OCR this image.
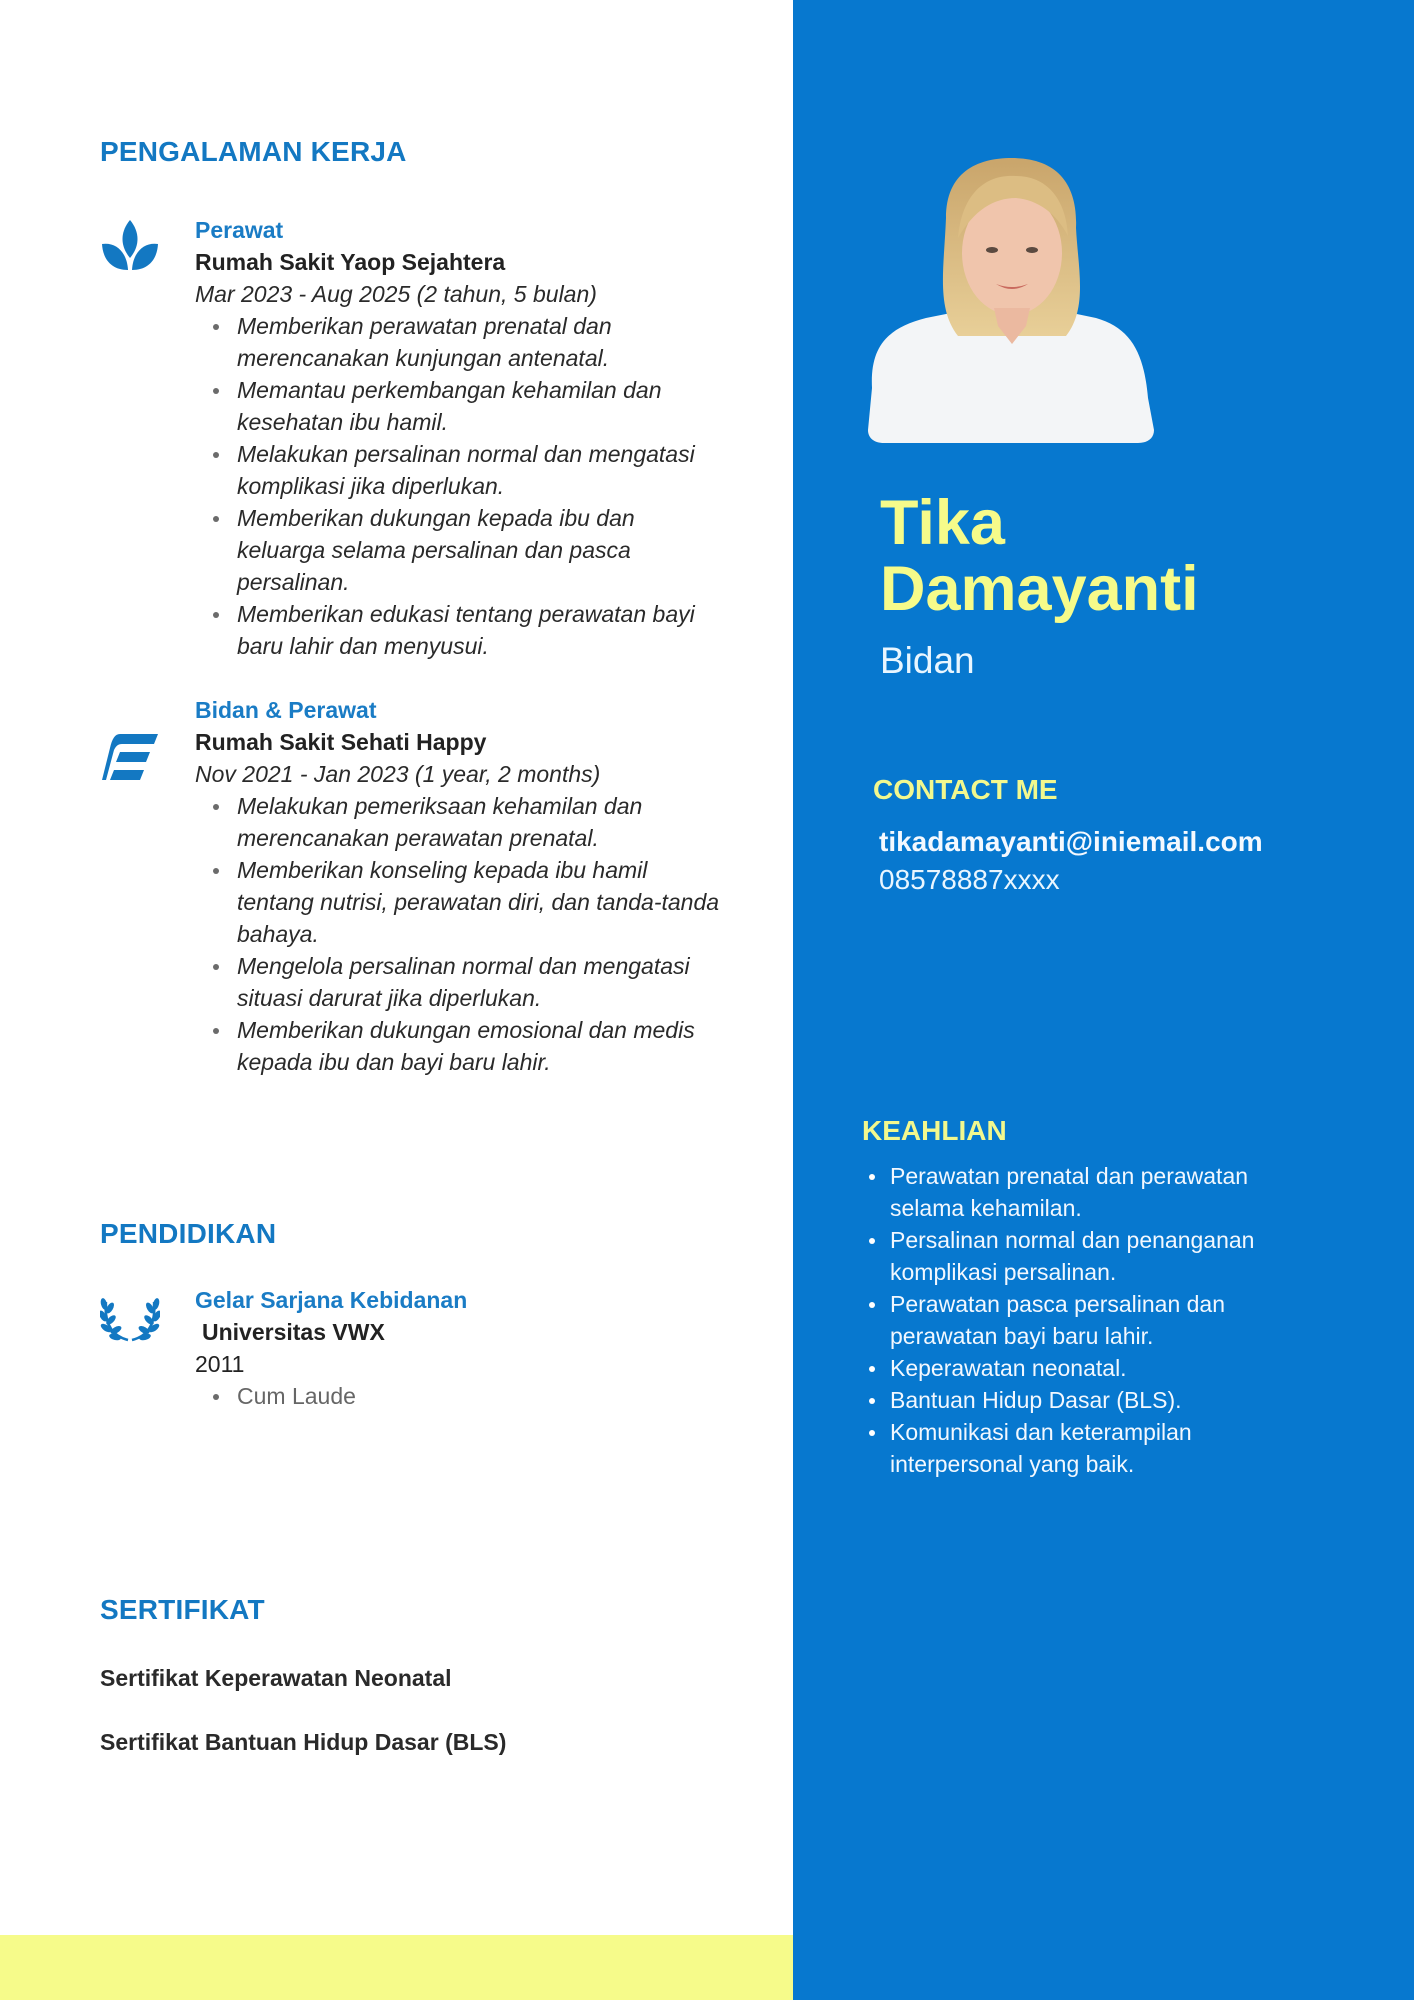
PENGALAMAN KERJA
Perawat
Rumah Sakit Yaop Sejahtera
Mar 2023 - Aug 2025 (2 tahun, 5 bulan)
Memberikan perawatan prenatal dan merencanakan kunjungan antenatal.
Memantau perkembangan kehamilan dan kesehatan ibu hamil.
Melakukan persalinan normal dan mengatasi komplikasi jika diperlukan.
Memberikan dukungan kepada ibu dan keluarga selama persalinan dan pasca persalinan.
Memberikan edukasi tentang perawatan bayi baru lahir dan menyusui.
Bidan & Perawat
Rumah Sakit Sehati Happy
Nov 2021 - Jan 2023 (1 year, 2 months)
Melakukan pemeriksaan kehamilan dan merencanakan perawatan prenatal.
Memberikan konseling kepada ibu hamil tentang nutrisi, perawatan diri, dan tanda-tanda bahaya.
Mengelola persalinan normal dan mengatasi situasi darurat jika diperlukan.
Memberikan dukungan emosional dan medis kepada ibu dan bayi baru lahir.
PENDIDIKAN
Gelar Sarjana Kebidanan
Universitas VWX
2011
Cum Laude
SERTIFIKAT
Sertifikat Keperawatan Neonatal
Sertifikat Bantuan Hidup Dasar (BLS)
Tika
Damayanti
Bidan
CONTACT ME
tikadamayanti@iniemail.com
08578887xxxx
KEAHLIAN
Perawatan prenatal dan perawatan selama kehamilan.
Persalinan normal dan penanganan komplikasi persalinan.
Perawatan pasca persalinan dan perawatan bayi baru lahir.
Keperawatan neonatal.
Bantuan Hidup Dasar (BLS).
Komunikasi dan keterampilan interpersonal yang baik.
